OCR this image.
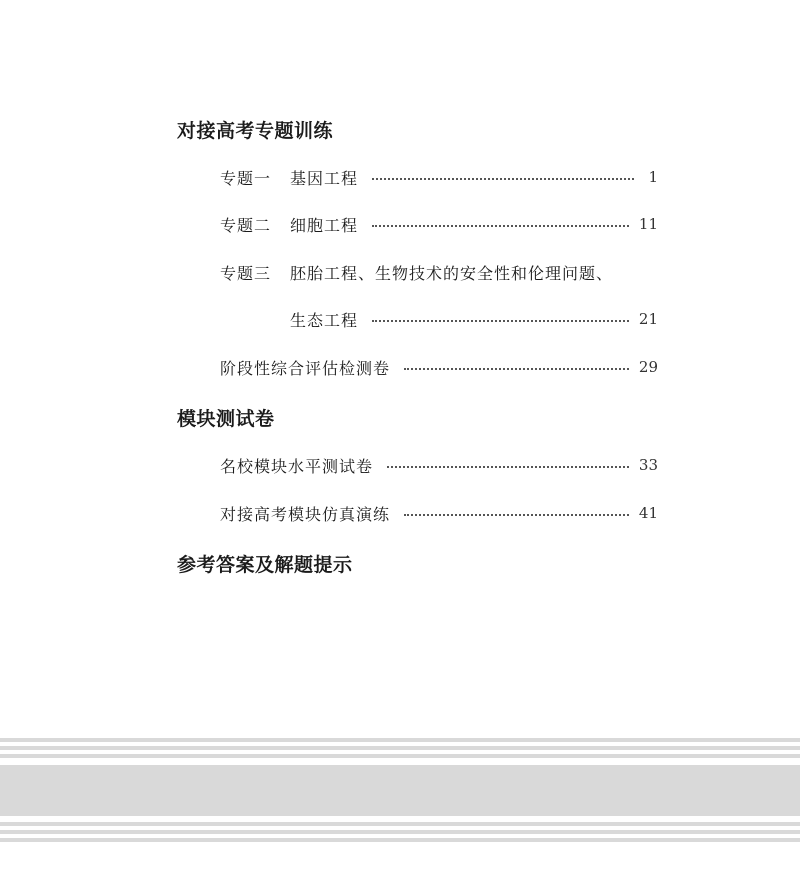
对接高考专题训练
专题一	基因工程	1
专题二	细胞工程	11
专题三	胚胎工程、生物技术的安全性和伦理问题、
生态工程	21
阶段性综合评估检测卷	29
模块测试卷
名校模块水平测试卷	33
对接高考模块仿真演练	41
参考答案及解题提示
